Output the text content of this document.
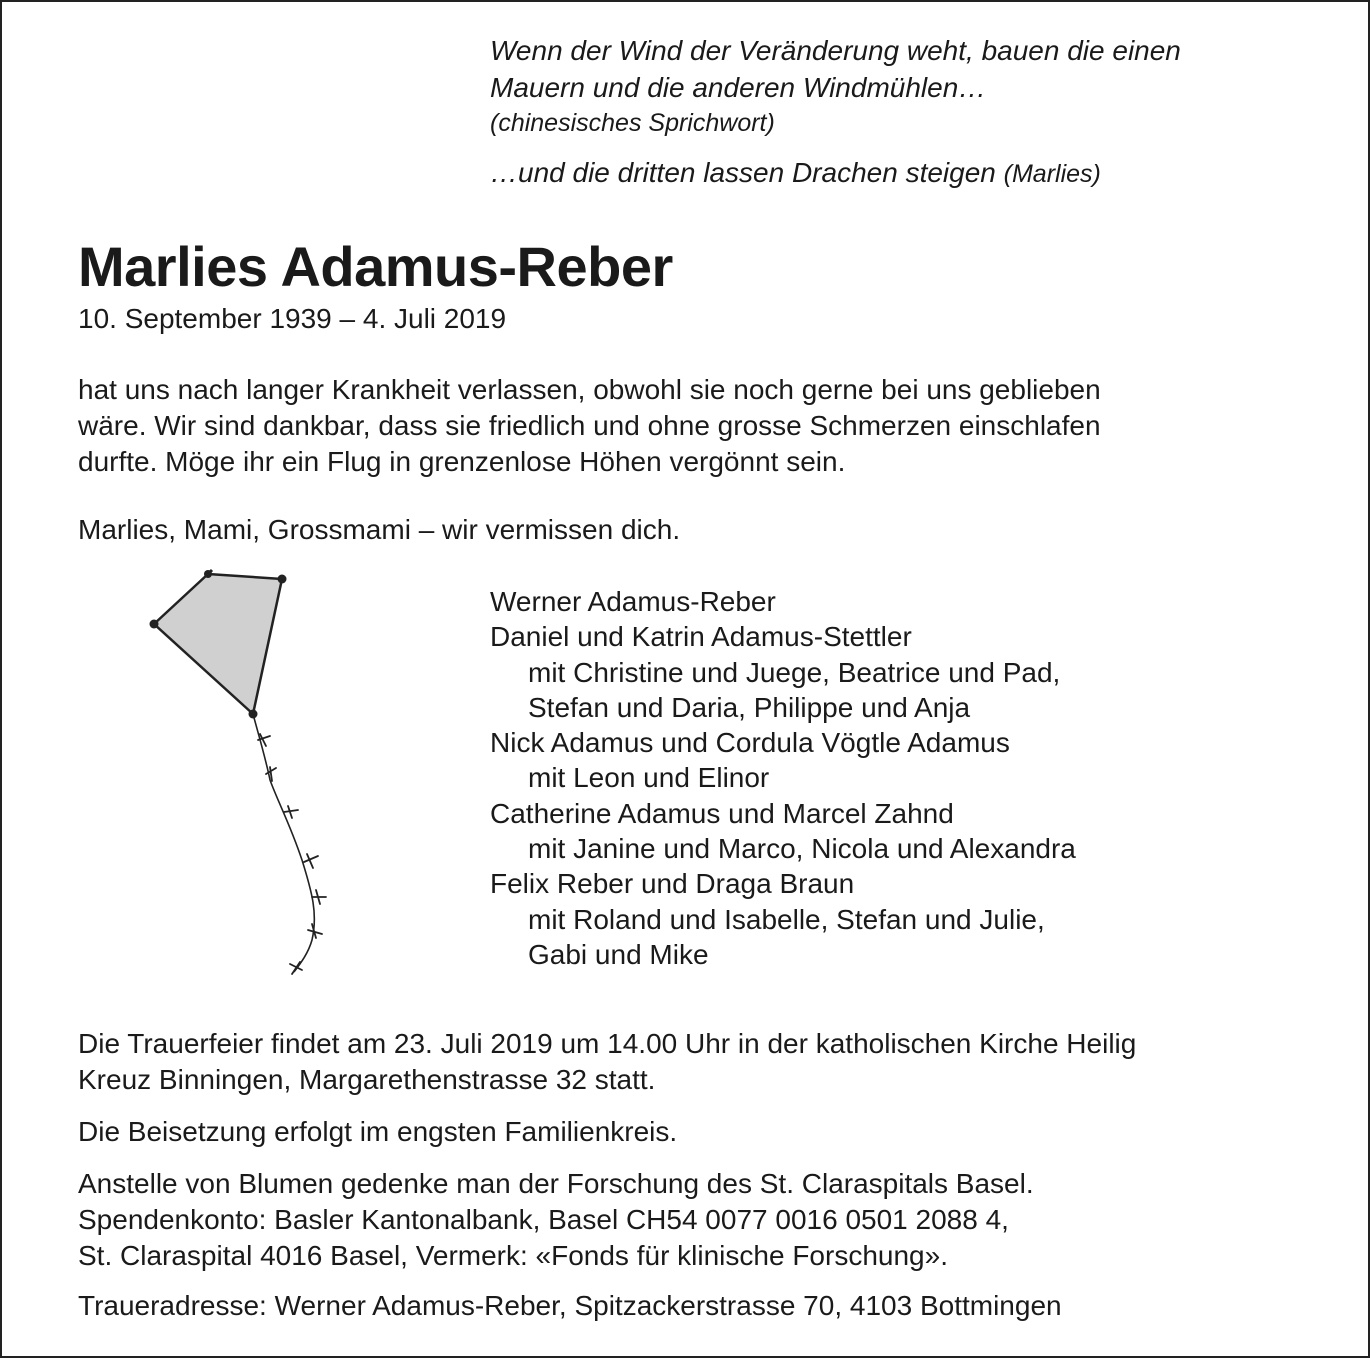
Wenn der Wind der Veränderung weht, bauen die einen
Mauern und die anderen Windmühlen…
(chinesisches Sprichwort)
…und die dritten lassen Drachen steigen (Marlies)
Marlies Adamus-Reber
10. September 1939 – 4. Juli 2019
hat uns nach langer Krankheit verlassen, obwohl sie noch gerne bei uns geblieben
wäre. Wir sind dankbar, dass sie friedlich und ohne grosse Schmerzen einschlafen
durfte. Möge ihr ein Flug in grenzenlose Höhen vergönnt sein.
Marlies, Mami, Grossmami – wir vermissen dich.
Werner Adamus-Reber
Daniel und Katrin Adamus-Stettler
mit Christine und Juege, Beatrice und Pad,
Stefan und Daria, Philippe und Anja
Nick Adamus und Cordula Vögtle Adamus
mit Leon und Elinor
Catherine Adamus und Marcel Zahnd
mit Janine und Marco, Nicola und Alexandra
Felix Reber und Draga Braun
mit Roland und Isabelle, Stefan und Julie,
Gabi und Mike
Die Trauerfeier findet am 23. Juli 2019 um 14.00 Uhr in der katholischen Kirche Heilig
Kreuz Binningen, Margarethenstrasse 32 statt.
Die Beisetzung erfolgt im engsten Familienkreis.
Anstelle von Blumen gedenke man der Forschung des St. Claraspitals Basel.
Spendenkonto: Basler Kantonalbank, Basel CH54 0077 0016 0501 2088 4,
St. Claraspital 4016 Basel, Vermerk: «Fonds für klinische Forschung».
Traueradresse: Werner Adamus-Reber, Spitzackerstrasse 70, 4103 Bottmingen
